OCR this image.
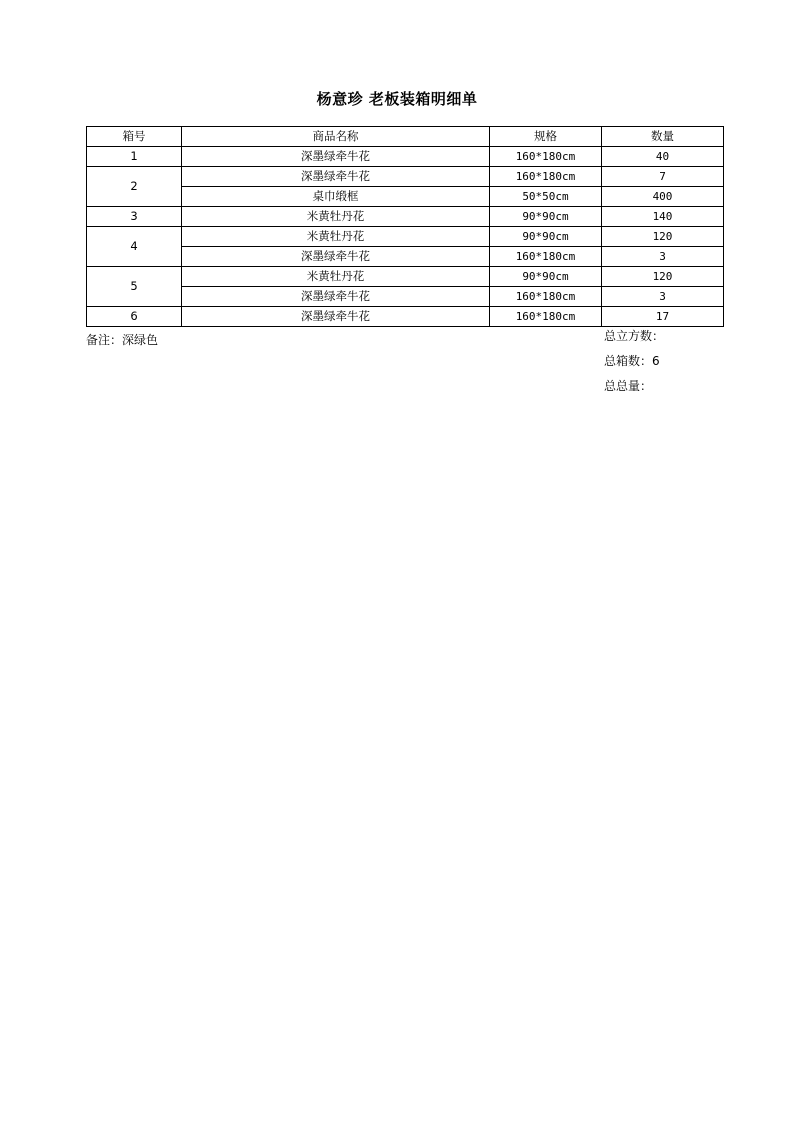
杨意珍 老板装箱明细单
箱号	商品名称	规格	数量
1	深墨绿牵牛花	160*180cm	40
2	深墨绿牵牛花	160*180cm	7
	桌巾缎框	50*50cm	400
3	米黄牡丹花	90*90cm	140
4	米黄牡丹花	90*90cm	120
	深墨绿牵牛花	160*180cm	3
5	米黄牡丹花	90*90cm	120
	深墨绿牵牛花	160*180cm	3
6	深墨绿牵牛花	160*180cm	17
备注：深绿色	总立方数：
总箱数：6
总总量：
